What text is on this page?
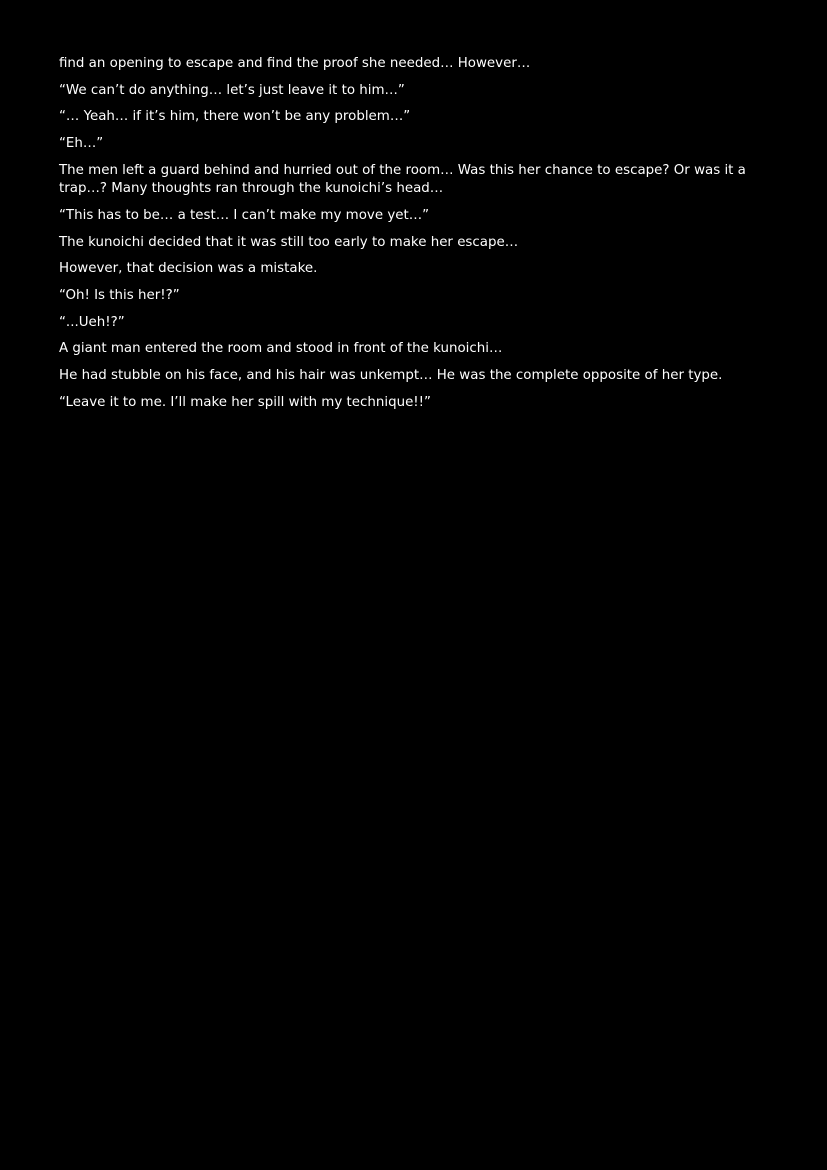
find an opening to escape and find the proof she needed… However…

“We can’t do anything… let’s just leave it to him…”

“… Yeah… if it’s him, there won’t be any problem…”

“Eh…”

The men left a guard behind and hurried out of the room… Was this her chance to escape? Or was it a trap…? Many thoughts ran through the kunoichi’s head…

“This has to be… a test… I can’t make my move yet…”

The kunoichi decided that it was still too early to make her escape…

However, that decision was a mistake.

“Oh! Is this her!?”

“...Ueh!?”

A giant man entered the room and stood in front of the kunoichi…

He had stubble on his face, and his hair was unkempt… He was the complete opposite of her type.

“Leave it to me. I’ll make her spill with my technique!!”
